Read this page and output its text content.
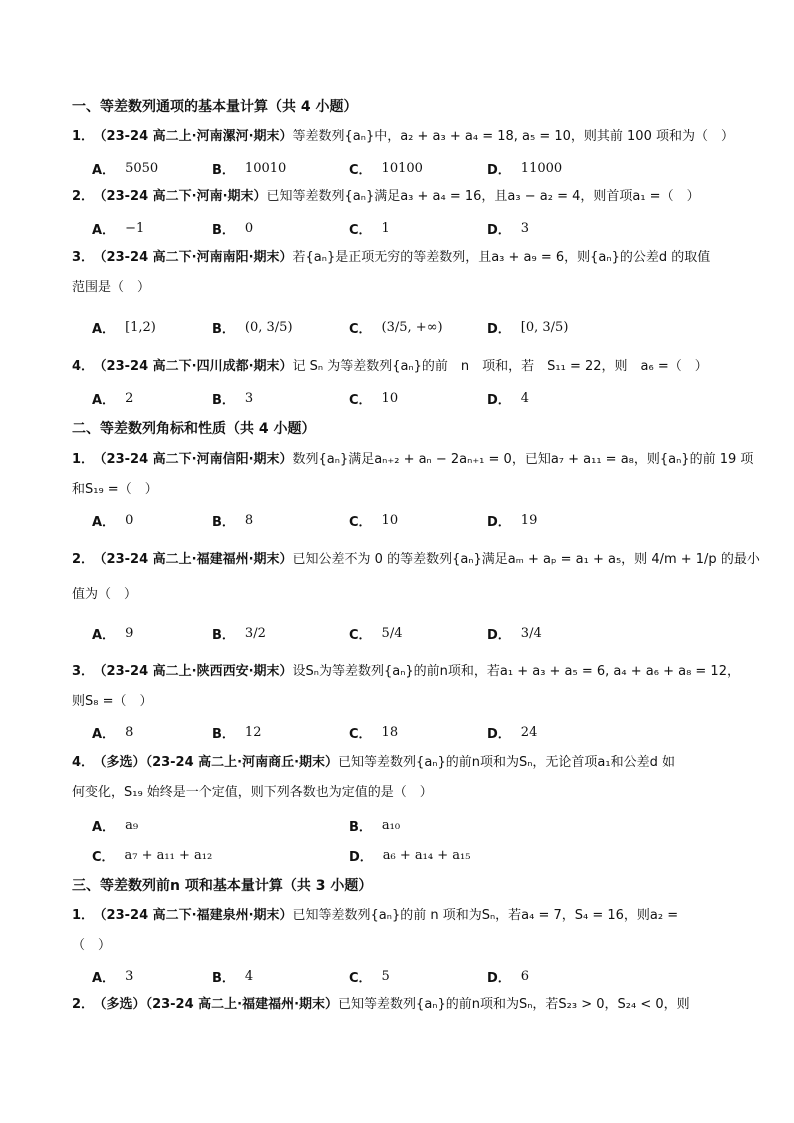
一、等差数列通项的基本量计算（共 4 小题）
1． （23-24 高二上·河南漯河·期末）等差数列{aₙ}中，a₂ + a₃ + a₄ = 18, a₅ = 10，则其前 100 项和为（　）
A． 5050	B． 10010	C． 10100	D． 11000
2． （23-24 高二下·河南·期末）已知等差数列{aₙ}满足a₃ + a₄ = 16，且a₃ − a₂ = 4，则首项a₁ =（　）
A． −1	B． 0	C． 1	D． 3
3． （23-24 高二下·河南南阳·期末）若{aₙ}是正项无穷的等差数列，且a₃ + a₉ = 6，则{aₙ}的公差d 的取值
范围是（　）
A． [1,2)	B． (0, 3/5)	C． (3/5, +∞)	D． [0, 3/5)
4． （23-24 高二下·四川成都·期末）记 Sₙ 为等差数列{aₙ}的前　n　项和，若　S₁₁ = 22，则　a₆ =（　）
A． 2	B． 3	C． 10	D． 4
二、等差数列角标和性质（共 4 小题）
1． （23-24 高二下·河南信阳·期末）数列{aₙ}满足aₙ₊₂ + aₙ − 2aₙ₊₁ = 0，已知a₇ + a₁₁ = a₈，则{aₙ}的前 19 项
和S₁₉ =（　）
A． 0	B． 8	C． 10	D． 19
2． （23-24 高二上·福建福州·期末）已知公差不为 0 的等差数列{aₙ}满足aₘ + aₚ = a₁ + a₅，则 4/m + 1/p 的最小
值为（　）
A． 9	B． 3/2	C． 5/4	D． 3/4
3． （23-24 高二上·陕西西安·期末）设Sₙ为等差数列{aₙ}的前n项和，若a₁ + a₃ + a₅ = 6, a₄ + a₆ + a₈ = 12，
则S₈ =（　）
A． 8	B． 12	C． 18	D． 24
4． （多选）（23-24 高二上·河南商丘·期末）已知等差数列{aₙ}的前n项和为Sₙ，无论首项a₁和公差d 如
何变化，S₁₉ 始终是一个定值，则下列各数也为定值的是（　）
A． a₉	B． a₁₀
C． a₇ + a₁₁ + a₁₂	D． a₆ + a₁₄ + a₁₅
三、等差数列前n 项和基本量计算（共 3 小题）
1． （23-24 高二下·福建泉州·期末）已知等差数列{aₙ}的前 n 项和为Sₙ，若a₄ = 7，S₄ = 16，则a₂ =
（　）
A． 3	B． 4	C． 5	D． 6
2． （多选）（23-24 高二上·福建福州·期末）已知等差数列{aₙ}的前n项和为Sₙ，若S₂₃ > 0，S₂₄ < 0，则
